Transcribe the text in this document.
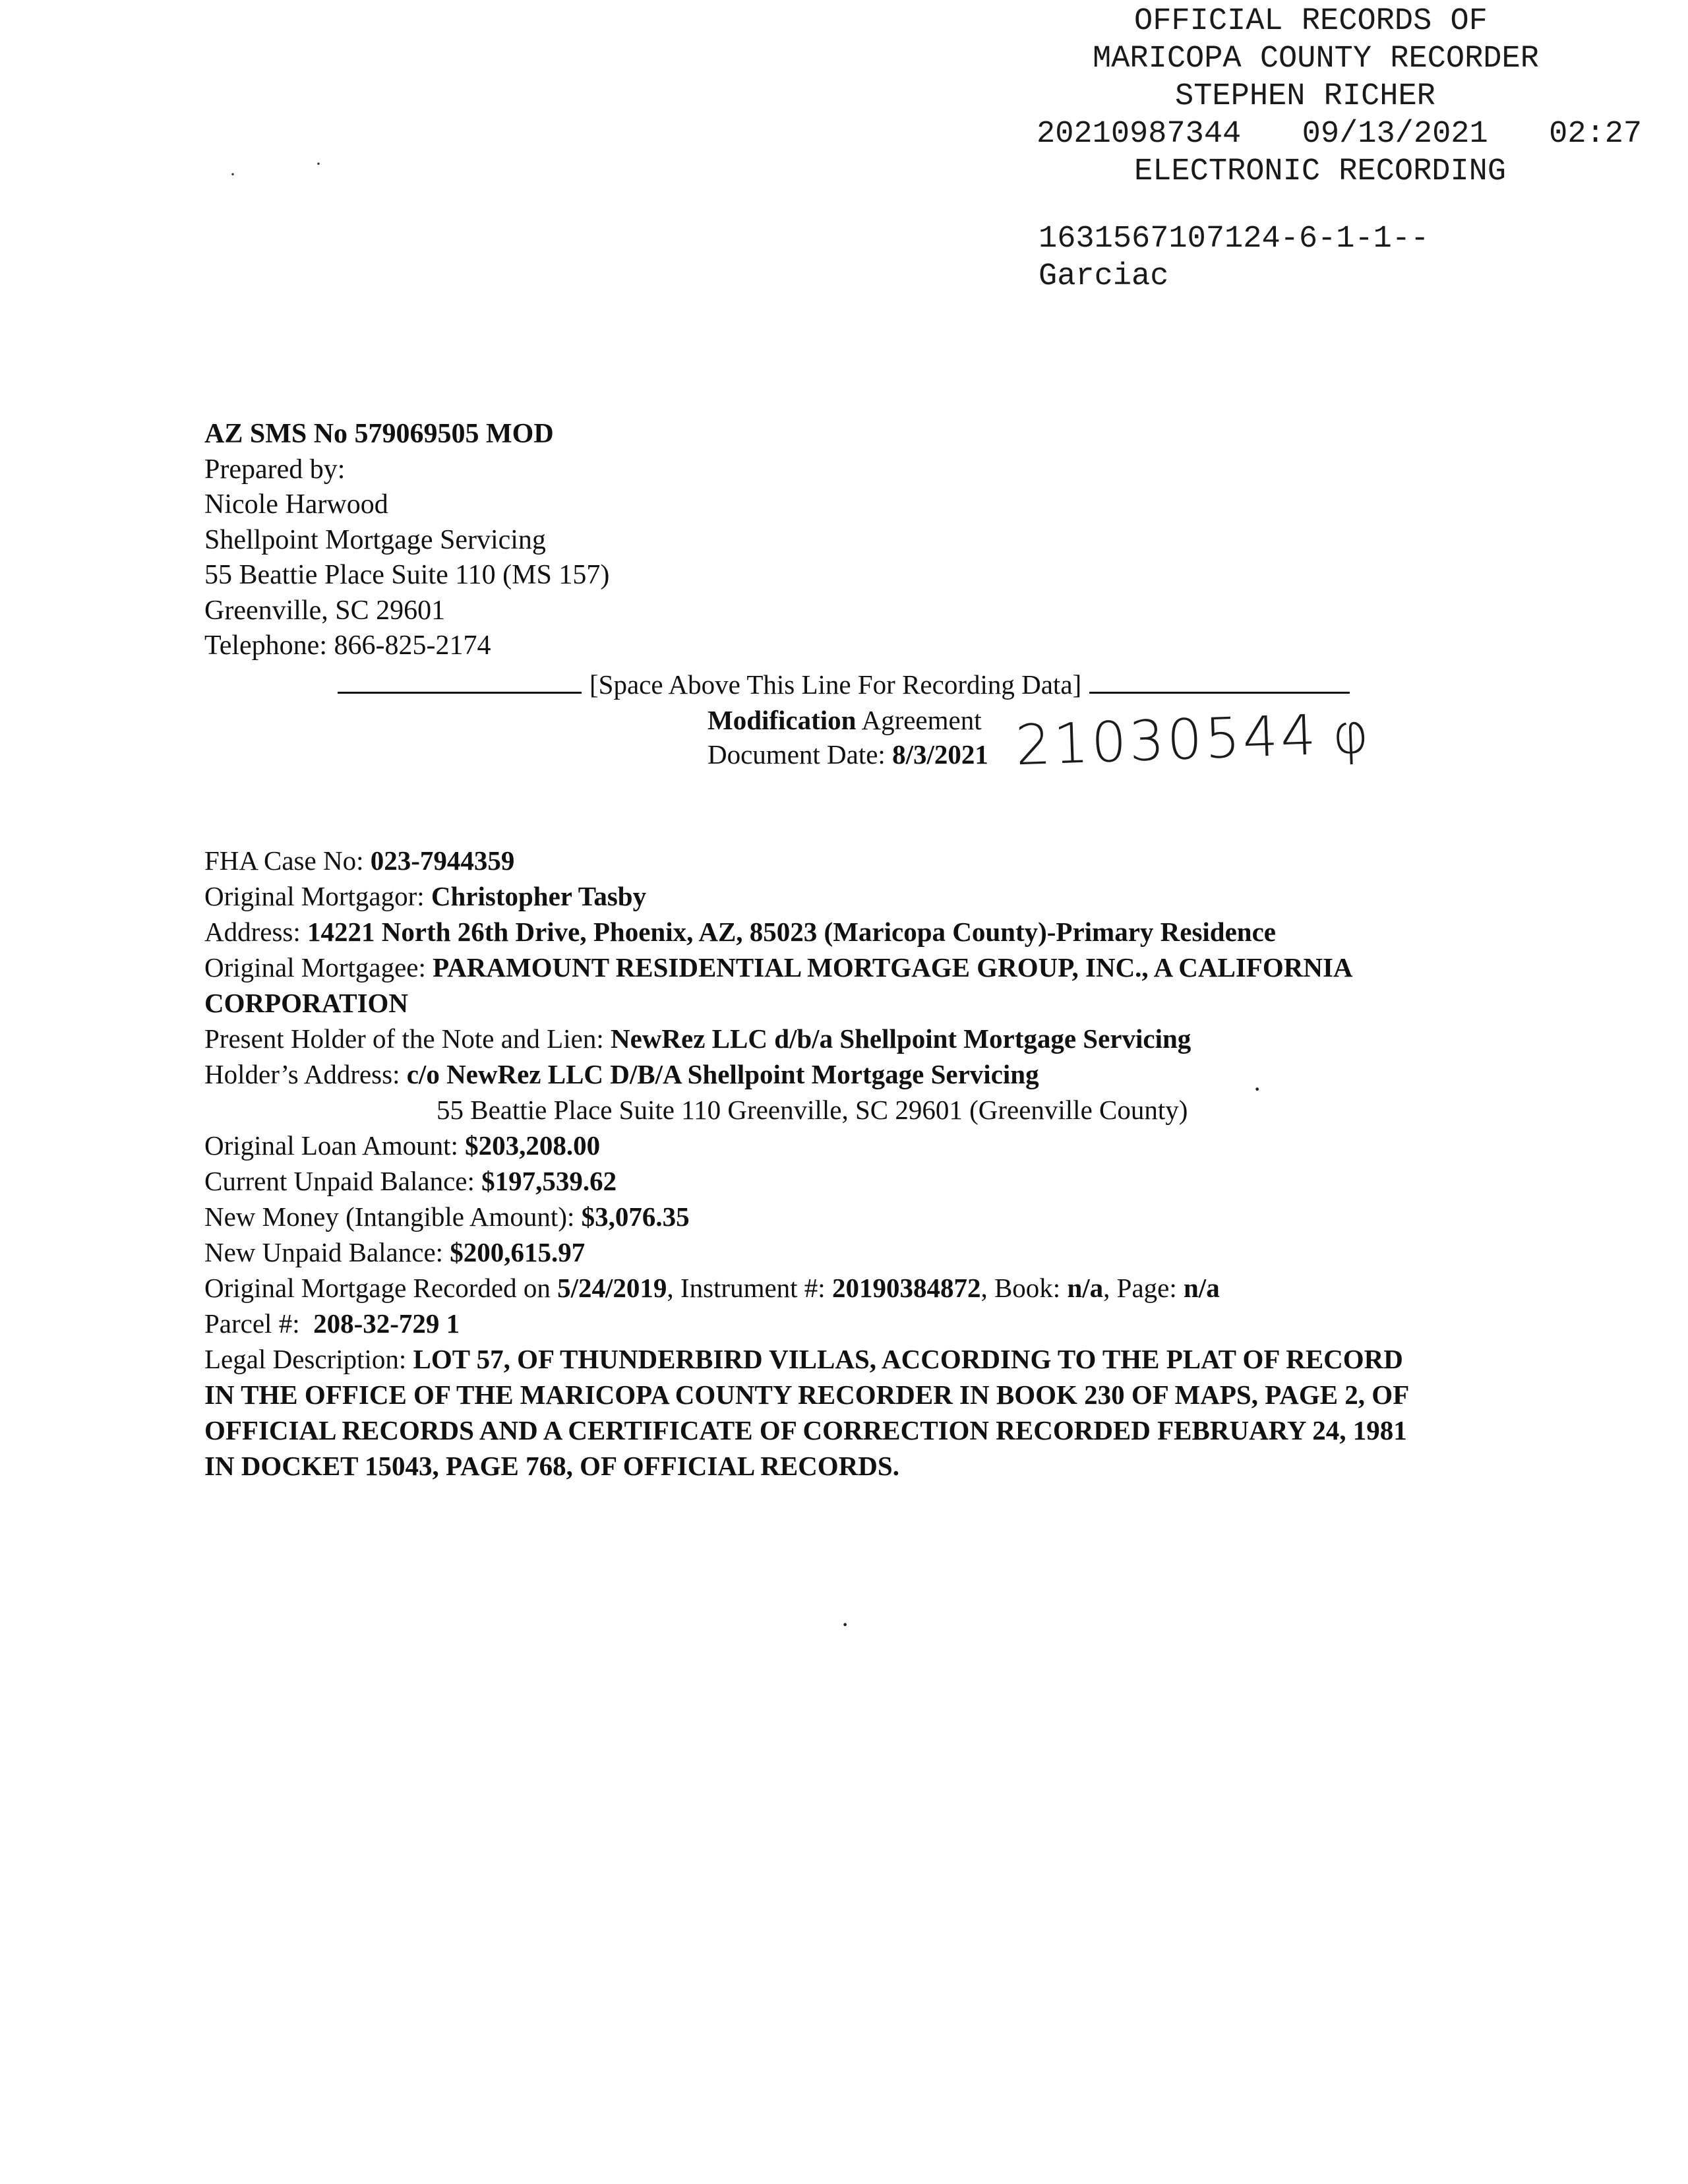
OFFICIAL RECORDS OF
MARICOPA COUNTY RECORDER
STEPHEN RICHER
20210987344  09/13/2021  02:27
ELECTRONIC RECORDING
1631567107124-6-1-1--
Garciac
·	·
AZ SMS No 579069505 MOD
Prepared by:
Nicole Harwood
Shellpoint Mortgage Servicing
55 Beattie Place Suite 110 (MS 157)
Greenville, SC 29601
Telephone: 866-825-2174
[Space Above This Line For Recording Data]
Modification Agreement
Document Date: 8/3/2021 21030544 φ
FHA Case No: 023-7944359
Original Mortgagor: Christopher Tasby
Address: 14221 North 26th Drive, Phoenix, AZ, 85023 (Maricopa County)-Primary Residence
Original Mortgagee: PARAMOUNT RESIDENTIAL MORTGAGE GROUP, INC., A CALIFORNIA
CORPORATION
Present Holder of the Note and Lien: NewRez LLC d/b/a Shellpoint Mortgage Servicing
Holder’s Address: c/o NewRez LLC D/B/A Shellpoint Mortgage Servicing
55 Beattie Place Suite 110 Greenville, SC 29601 (Greenville County)
Original Loan Amount: $203,208.00
Current Unpaid Balance: $197,539.62
New Money (Intangible Amount): $3,076.35
New Unpaid Balance: $200,615.97
Original Mortgage Recorded on 5/24/2019, Instrument #: 20190384872, Book: n/a, Page: n/a
Parcel #:  208-32-729 1
Legal Description: LOT 57, OF THUNDERBIRD VILLAS, ACCORDING TO THE PLAT OF RECORD
IN THE OFFICE OF THE MARICOPA COUNTY RECORDER IN BOOK 230 OF MAPS, PAGE 2, OF
OFFICIAL RECORDS AND A CERTIFICATE OF CORRECTION RECORDED FEBRUARY 24, 1981
IN DOCKET 15043, PAGE 768, OF OFFICIAL RECORDS.
·
·
